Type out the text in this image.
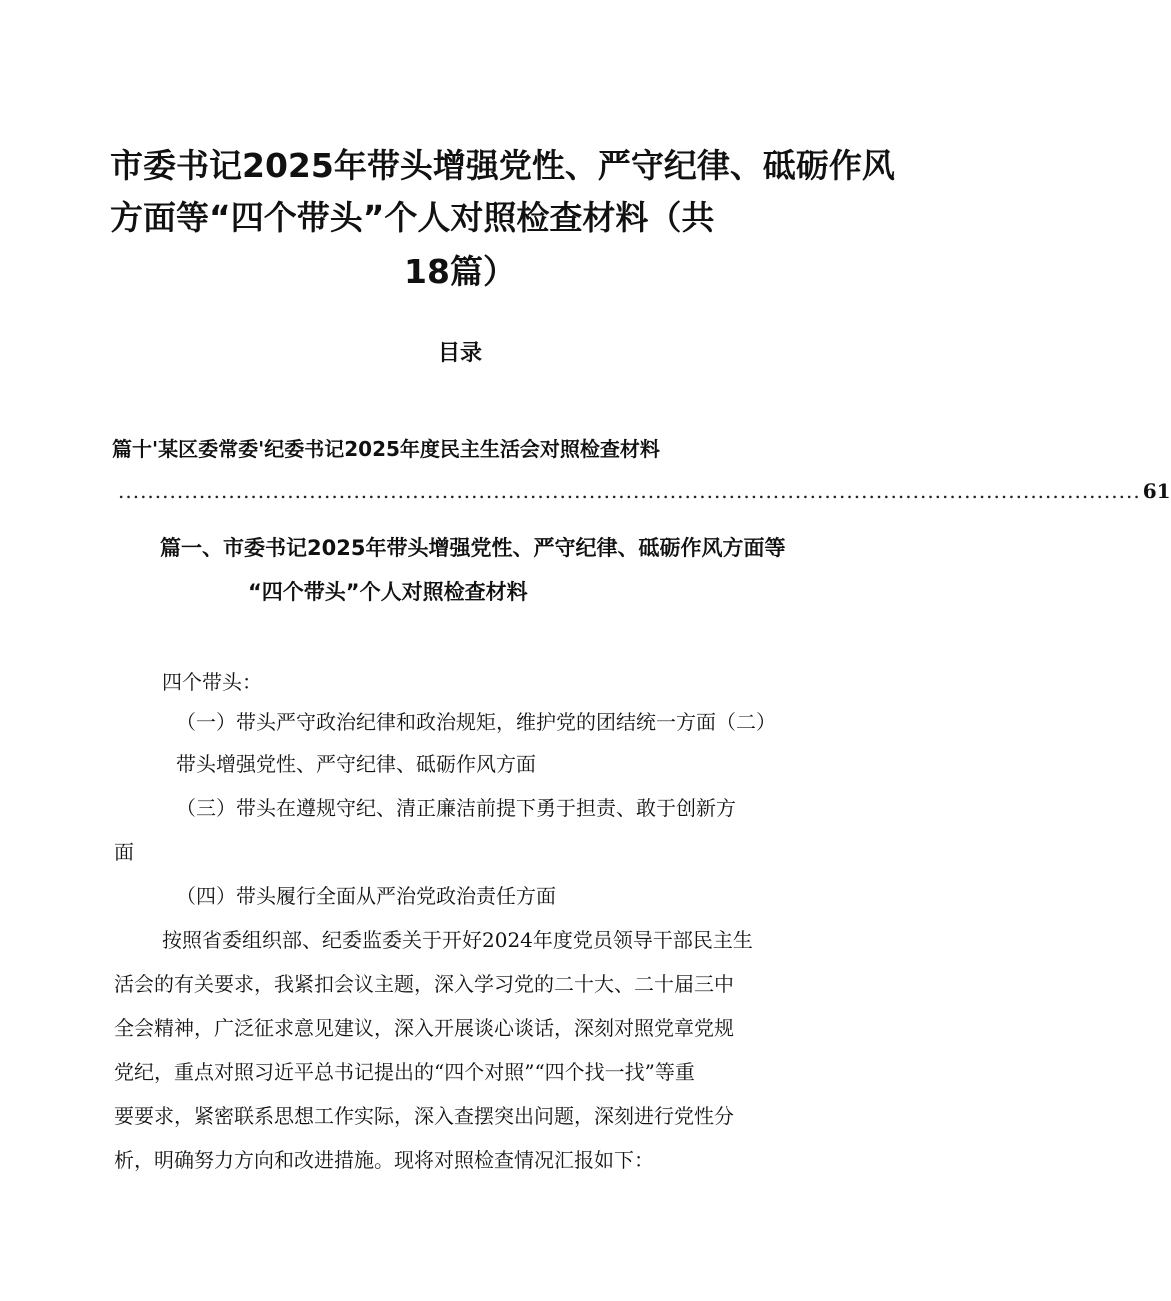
市委书记2025年带头增强党性、严守纪律、砥砺作风
方面等“四个带头”个人对照检查材料（共
18篇）
目录
篇十'某区委常委'纪委书记2025年度民主生活会对照检查材料
........................................................................................................................................... 61
篇一、市委书记2025年带头增强党性、严守纪律、砥砺作风方面等
“四个带头”个人对照检查材料
四个带头：
（一）带头严守政治纪律和政治规矩，维护党的团结统一方面（二）
带头增强党性、严守纪律、砥砺作风方面
（三）带头在遵规守纪、清正廉洁前提下勇于担责、敢于创新方
面
（四）带头履行全面从严治党政治责任方面
按照省委组织部、纪委监委关于开好2024年度党员领导干部民主生
活会的有关要求，我紧扣会议主题，深入学习党的二十大、二十届三中
全会精神，广泛征求意见建议，深入开展谈心谈话，深刻对照党章党规
党纪，重点对照习近平总书记提出的“四个对照”“四个找一找”等重
要要求，紧密联系思想工作实际，深入查摆突出问题，深刻进行党性分
析，明确努力方向和改进措施。现将对照检查情况汇报如下：
